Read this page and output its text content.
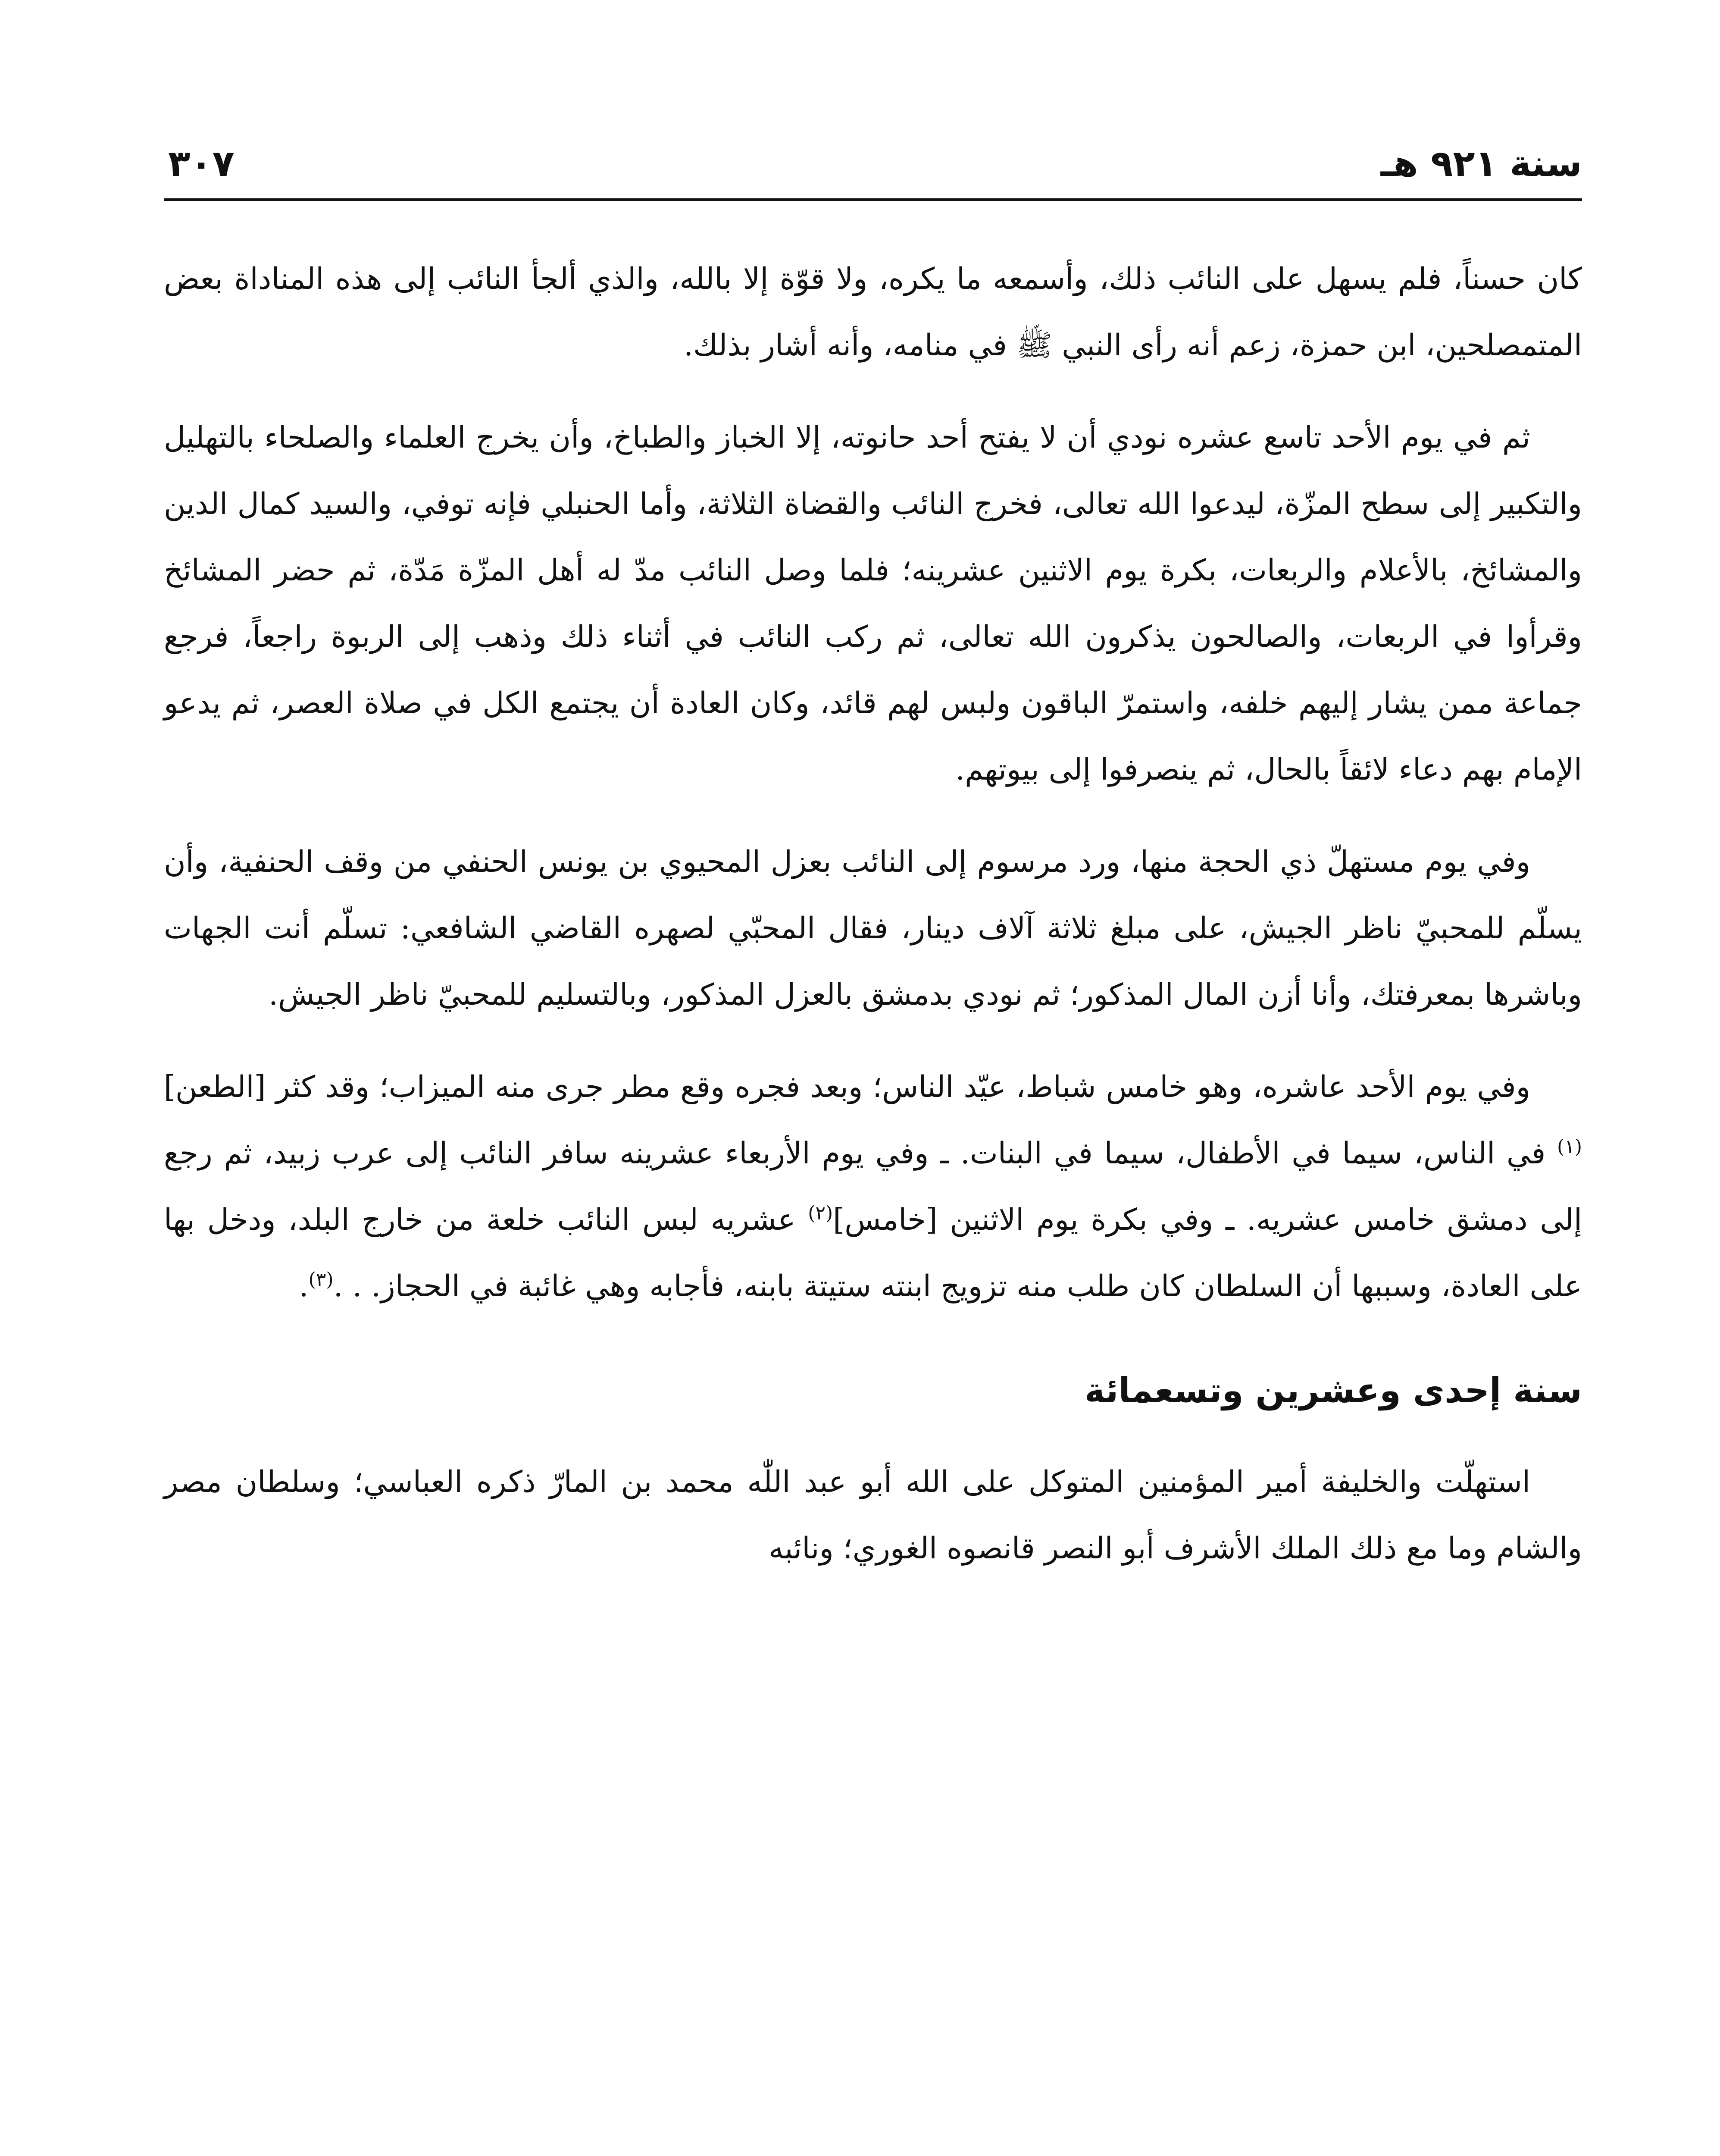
سنة ٩٢١ هـ
٣٠٧

كان حسناً، فلم يسهل على النائب ذلك، وأسمعه ما يكره، ولا قوّة إلا بالله، والذي ألجأ النائب إلى هذه المناداة بعض المتمصلحين، ابن حمزة، زعم أنه رأى النبي ﷺ في منامه، وأنه أشار بذلك.

ثم في يوم الأحد تاسع عشره نودي أن لا يفتح أحد حانوته، إلا الخباز والطباخ، وأن يخرج العلماء والصلحاء بالتهليل والتكبير إلى سطح المزّة، ليدعوا الله تعالى، فخرج النائب والقضاة الثلاثة، وأما الحنبلي فإنه توفي، والسيد كمال الدين والمشائخ، بالأعلام والربعات، بكرة يوم الاثنين عشرينه؛ فلما وصل النائب مدّ له أهل المزّة مَدّة، ثم حضر المشائخ وقرأوا في الربعات، والصالحون يذكرون الله تعالى، ثم ركب النائب في أثناء ذلك وذهب إلى الربوة راجعاً، فرجع جماعة ممن يشار إليهم خلفه، واستمرّ الباقون ولبس لهم قائد، وكان العادة أن يجتمع الكل في صلاة العصر، ثم يدعو الإمام بهم دعاء لائقاً بالحال، ثم ينصرفوا إلى بيوتهم.

وفي يوم مستهلّ ذي الحجة منها، ورد مرسوم إلى النائب بعزل المحيوي بن يونس الحنفي من وقف الحنفية، وأن يسلّم للمحبيّ ناظر الجيش، على مبلغ ثلاثة آلاف دينار، فقال المحبّي لصهره القاضي الشافعي: تسلّم أنت الجهات وباشرها بمعرفتك، وأنا أزن المال المذكور؛ ثم نودي بدمشق بالعزل المذكور، وبالتسليم للمحبيّ ناظر الجيش.

وفي يوم الأحد عاشره، وهو خامس شباط، عيّد الناس؛ وبعد فجره وقع مطر جرى منه الميزاب؛ وقد كثر [الطعن]$^{(١)}$ في الناس، سيما في الأطفال، سيما في البنات. ـ وفي يوم الأربعاء عشرينه سافر النائب إلى عرب زبيد، ثم رجع إلى دمشق خامس عشريه. ـ وفي بكرة يوم الاثنين [خامس]$^{(٢)}$ عشريه لبس النائب خلعة من خارج البلد، ودخل بها على العادة، وسببها أن السلطان كان طلب منه تزويج ابنته ستيتة بابنه، فأجابه وهي غائبة في الحجاز. . .$^{(٣)}$.

سنة إحدى وعشرين وتسعمائة

استهلّت والخليفة أمير المؤمنين المتوكل على الله أبو عبد اللّٰه محمد بن المارّ ذكره العباسي؛ وسلطان مصر والشام وما مع ذلك الملك الأشرف أبو النصر قانصوه الغوري؛ ونائبه
